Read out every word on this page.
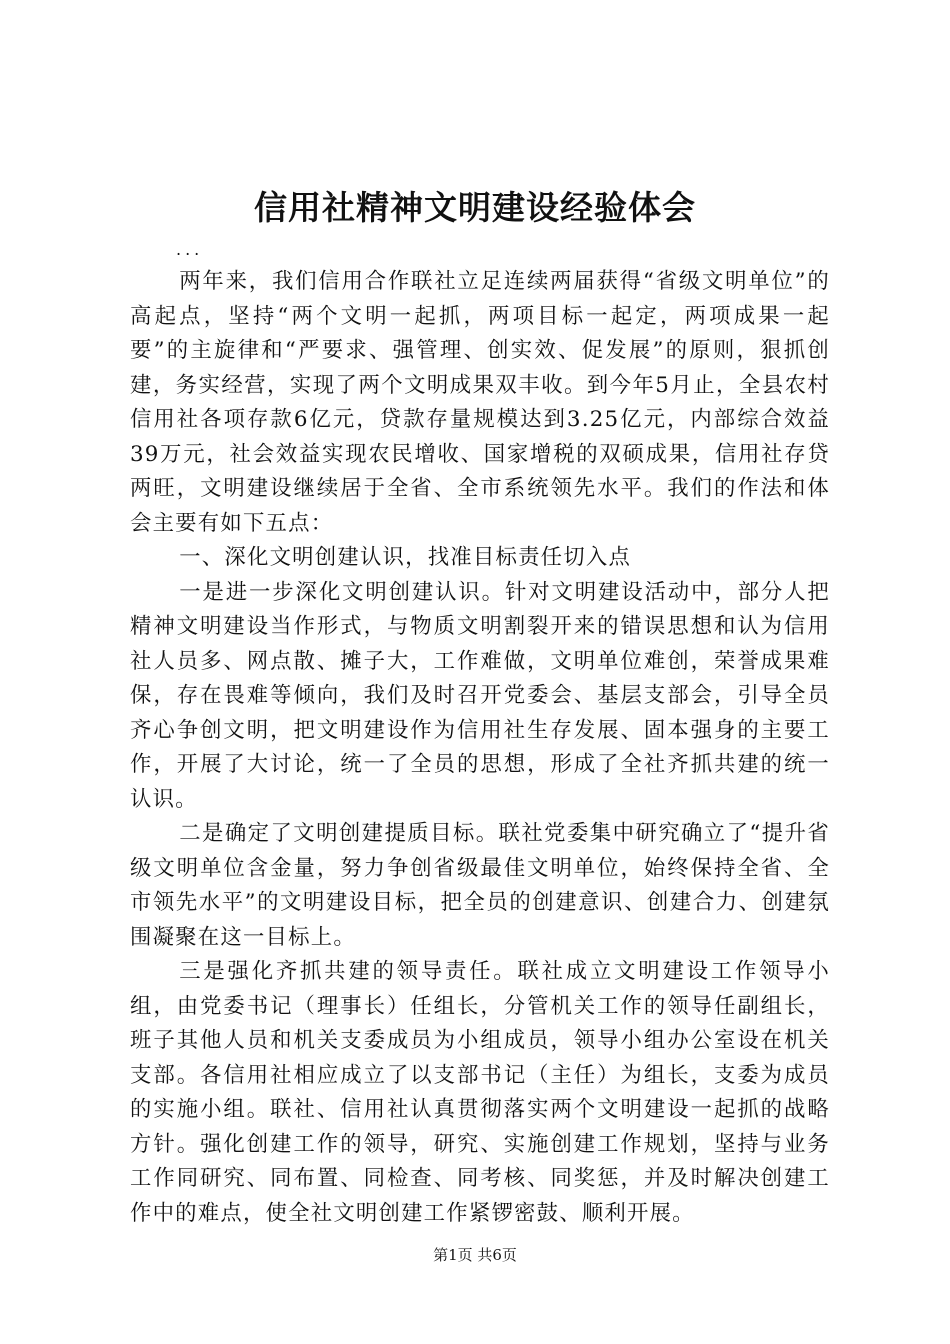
信用社精神文明建设经验体会
...

两年来，我们信用合作联社立足连续两届获得“省级文明单位”的高起点，坚持“两个文明一起抓，两项目标一起定，两项成果一起要”的主旋律和“严要求、强管理、创实效、促发展”的原则，狠抓创建，务实经营，实现了两个文明成果双丰收。到今年5月止，全县农村信用社各项存款6亿元，贷款存量规模达到3.25亿元，内部综合效益39万元，社会效益实现农民增收、国家增税的双硕成果，信用社存贷两旺，文明建设继续居于全省、全市系统领先水平。我们的作法和体会主要有如下五点：

一、深化文明创建认识，找准目标责任切入点

一是进一步深化文明创建认识。针对文明建设活动中，部分人把精神文明建设当作形式，与物质文明割裂开来的错误思想和认为信用社人员多、网点散、摊子大，工作难做，文明单位难创，荣誉成果难保，存在畏难等倾向，我们及时召开党委会、基层支部会，引导全员齐心争创文明，把文明建设作为信用社生存发展、固本强身的主要工作，开展了大讨论，统一了全员的思想，形成了全社齐抓共建的统一认识。

二是确定了文明创建提质目标。联社党委集中研究确立了“提升省级文明单位含金量，努力争创省级最佳文明单位，始终保持全省、全市领先水平”的文明建设目标，把全员的创建意识、创建合力、创建氛围凝聚在这一目标上。

三是强化齐抓共建的领导责任。联社成立文明建设工作领导小组，由党委书记（理事长）任组长，分管机关工作的领导任副组长，班子其他人员和机关支委成员为小组成员，领导小组办公室设在机关支部。各信用社相应成立了以支部书记（主任）为组长，支委为成员的实施小组。联社、信用社认真贯彻落实两个文明建设一起抓的战略方针。强化创建工作的领导，研究、实施创建工作规划，坚持与业务工作同研究、同布置、同检查、同考核、同奖惩，并及时解决创建工作中的难点，使全社文明创建工作紧锣密鼓、顺利开展。

第1页 共6页
